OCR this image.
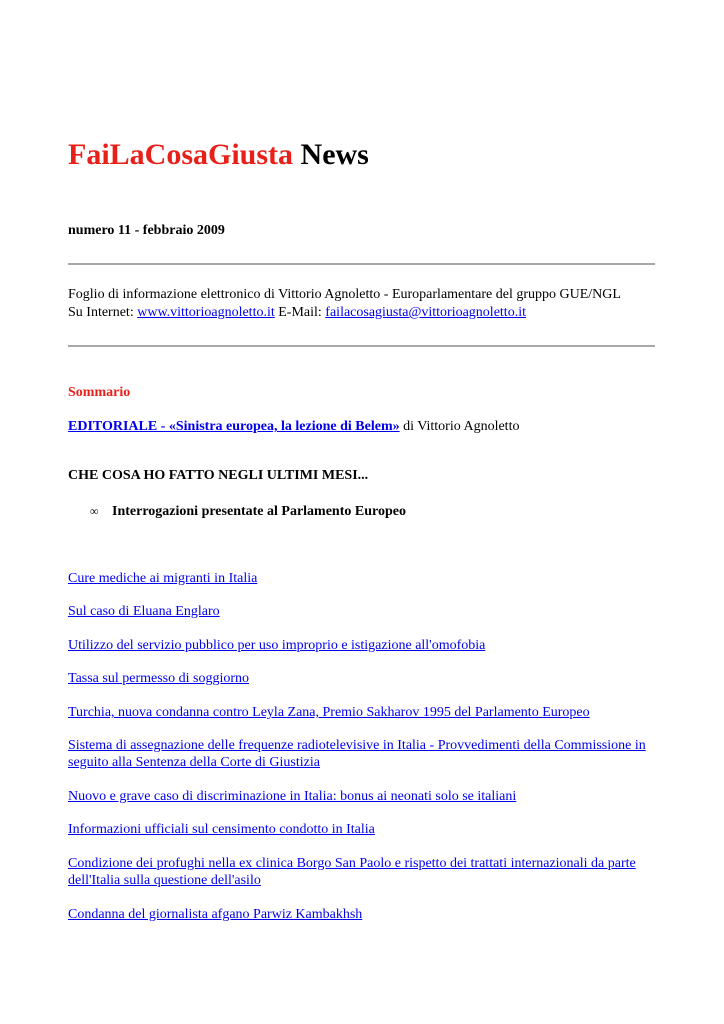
FaiLaCosaGiusta News
numero 11 - febbraio 2009
Foglio di informazione elettronico di Vittorio Agnoletto - Europarlamentare del gruppo GUE/NGL
Su Internet: www.vittorioagnoletto.it E-Mail: failacosagiusta@vittorioagnoletto.it
Sommario
EDITORIALE - «Sinistra europea, la lezione di Belem» di Vittorio Agnoletto
CHE COSA HO FATTO NEGLI ULTIMI MESI...
∞ Interrogazioni presentate al Parlamento Europeo
Cure mediche ai migranti in Italia
Sul caso di Eluana Englaro
Utilizzo del servizio pubblico per uso improprio e istigazione all'omofobia
Tassa sul permesso di soggiorno
Turchia, nuova condanna contro Leyla Zana, Premio Sakharov 1995 del Parlamento Europeo
Sistema di assegnazione delle frequenze radiotelevisive in Italia - Provvedimenti della Commissione in seguito alla Sentenza della Corte di Giustizia
Nuovo e grave caso di discriminazione in Italia: bonus ai neonati solo se italiani
Informazioni ufficiali sul censimento condotto in Italia
Condizione dei profughi nella ex clinica Borgo San Paolo e rispetto dei trattati internazionali da parte dell'Italia sulla questione dell'asilo
Condanna del giornalista afgano Parwiz Kambakhsh
